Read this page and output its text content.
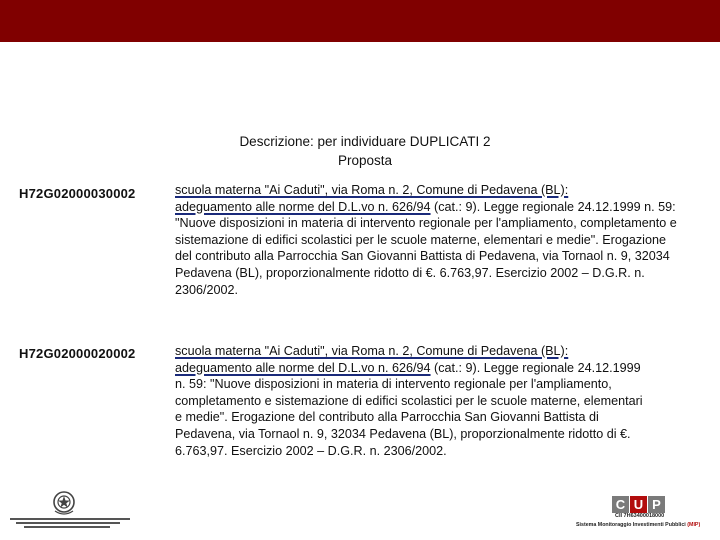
Descrizione: per individuare DUPLICATI 2
Proposta
H72G02000030002	scuola materna "Ai Caduti", via Roma n. 2, Comune di Pedavena (BL):
adeguamento alle norme del D.L.vo n. 626/94 (cat.: 9). Legge regionale 24.12.1999 n. 59: "Nuove disposizioni in materia di intervento regionale per l'ampliamento, completamento e sistemazione di edifici scolastici per le scuole materne, elementari e medie". Erogazione del contributo alla Parrocchia San Giovanni Battista di Pedavena, via Tornaol n. 9, 32034 Pedavena (BL), proporzionalmente ridotto di €. 6.763,97. Esercizio 2002 – D.G.R. n. 2306/2002.
H72G02000020002	scuola materna "Ai Caduti", via Roma n. 2, Comune di Pedavena (BL):
adeguamento alle norme del D.L.vo n. 626/94 (cat.: 9). Legge regionale 24.12.1999 n. 59: "Nuove disposizioni in materia di intervento regionale per l'ampliamento, completamento e sistemazione di edifici scolastici per le scuole materne, elementari e medie". Erogazione del contributo alla Parrocchia San Giovanni Battista di Pedavena, via Tornaol n. 9, 32034 Pedavena (BL), proporzionalmente ridotto di €. 6.763,97. Esercizio 2002 – D.G.R. n. 2306/2002.
C U P
CII 7H63400018000
Sistema Monitoraggio Investimenti Pubblici (MIP)
